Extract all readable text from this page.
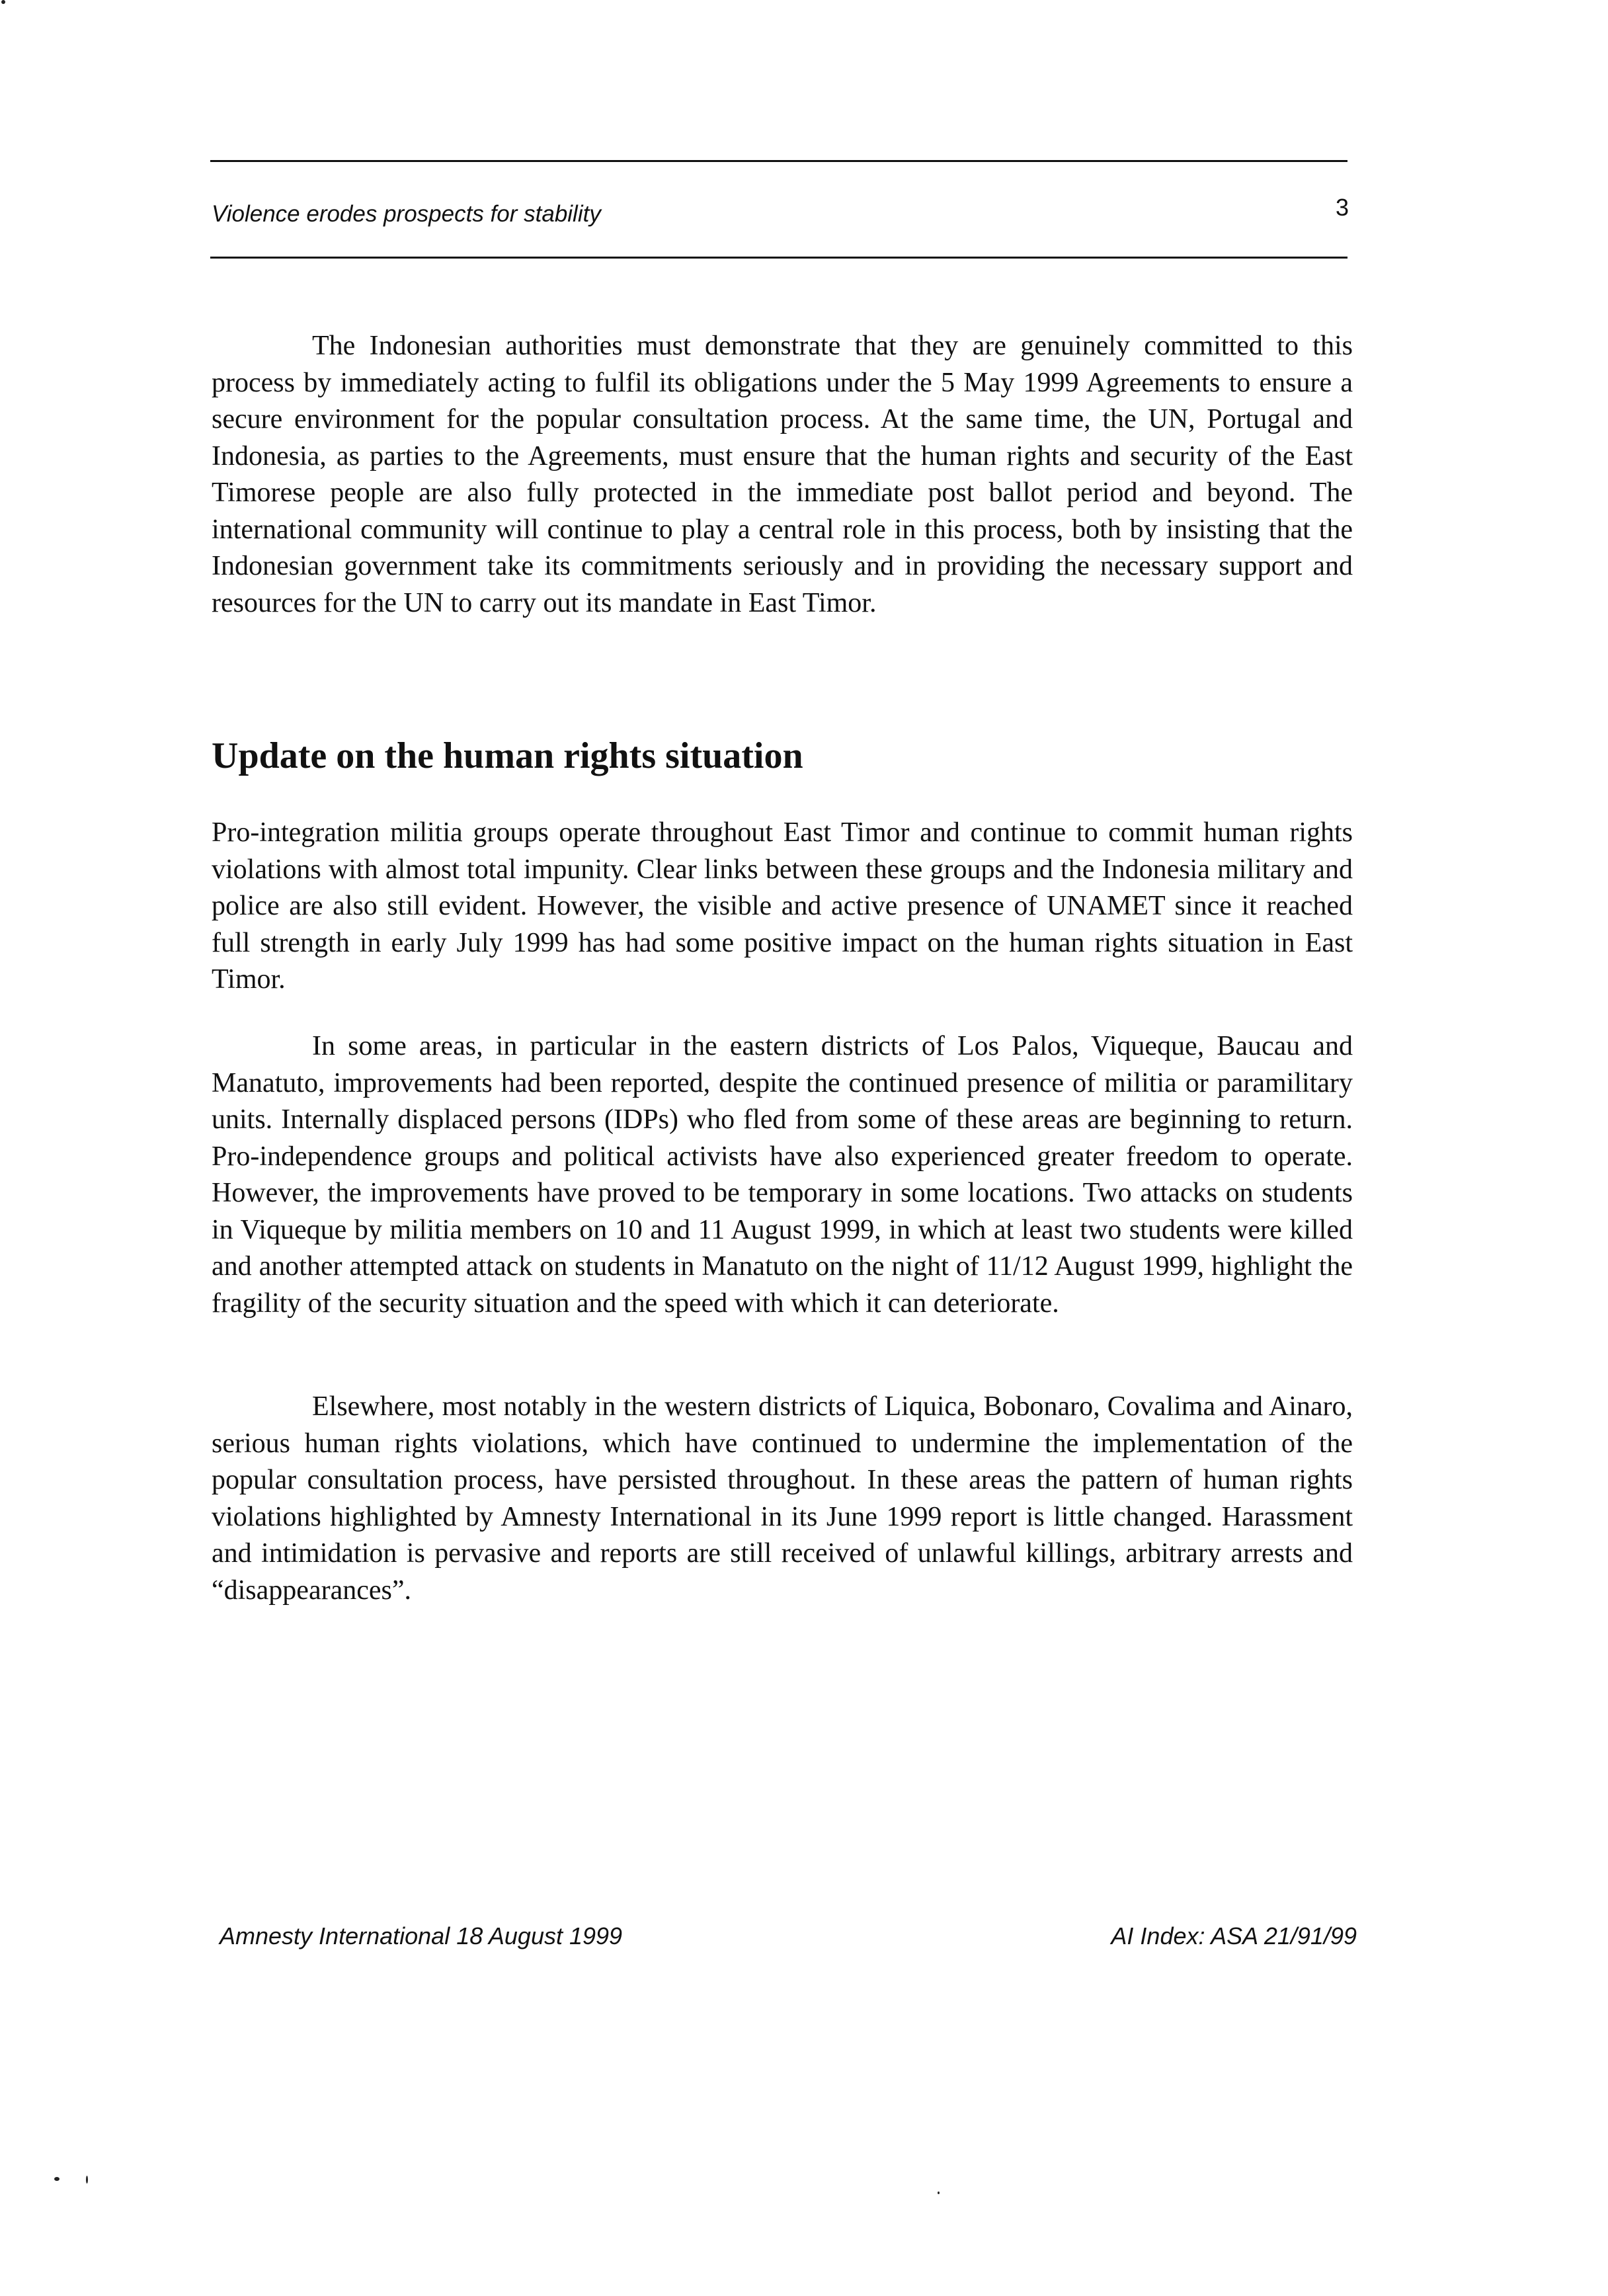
Violence erodes prospects for stability	3

The Indonesian authorities must demonstrate that they are genuinely committed to this process by immediately acting to fulfil its obligations under the 5 May 1999 Agreements to ensure a secure environment for the popular consultation process. At the same time, the UN, Portugal and Indonesia, as parties to the Agreements, must ensure that the human rights and security of the East Timorese people are also fully protected in the immediate post ballot period and beyond. The international community will continue to play a central role in this process, both by insisting that the Indonesian government take its commitments seriously and in providing the necessary support and resources for the UN to carry out its mandate in East Timor.

Update on the human rights situation

Pro-integration militia groups operate throughout East Timor and continue to commit human rights violations with almost total impunity. Clear links between these groups and the Indonesia military and police are also still evident. However, the visible and active presence of UNAMET since it reached full strength in early July 1999 has had some positive impact on the human rights situation in East Timor.

In some areas, in particular in the eastern districts of Los Palos, Viqueque, Baucau and Manatuto, improvements had been reported, despite the continued presence of militia or paramilitary units. Internally displaced persons (IDPs) who fled from some of these areas are beginning to return. Pro-independence groups and political activists have also experienced greater freedom to operate. However, the improvements have proved to be temporary in some locations. Two attacks on students in Viqueque by militia members on 10 and 11 August 1999, in which at least two students were killed and another attempted attack on students in Manatuto on the night of 11/12 August 1999, highlight the fragility of the security situation and the speed with which it can deteriorate.

Elsewhere, most notably in the western districts of Liquica, Bobonaro, Covalima and Ainaro, serious human rights violations, which have continued to undermine the implementation of the popular consultation process, have persisted throughout. In these areas the pattern of human rights violations highlighted by Amnesty International in its June 1999 report is little changed. Harassment and intimidation is pervasive and reports are still received of unlawful killings, arbitrary arrests and “disappearances”.

Amnesty International 18 August 1999	AI Index: ASA 21/91/99
